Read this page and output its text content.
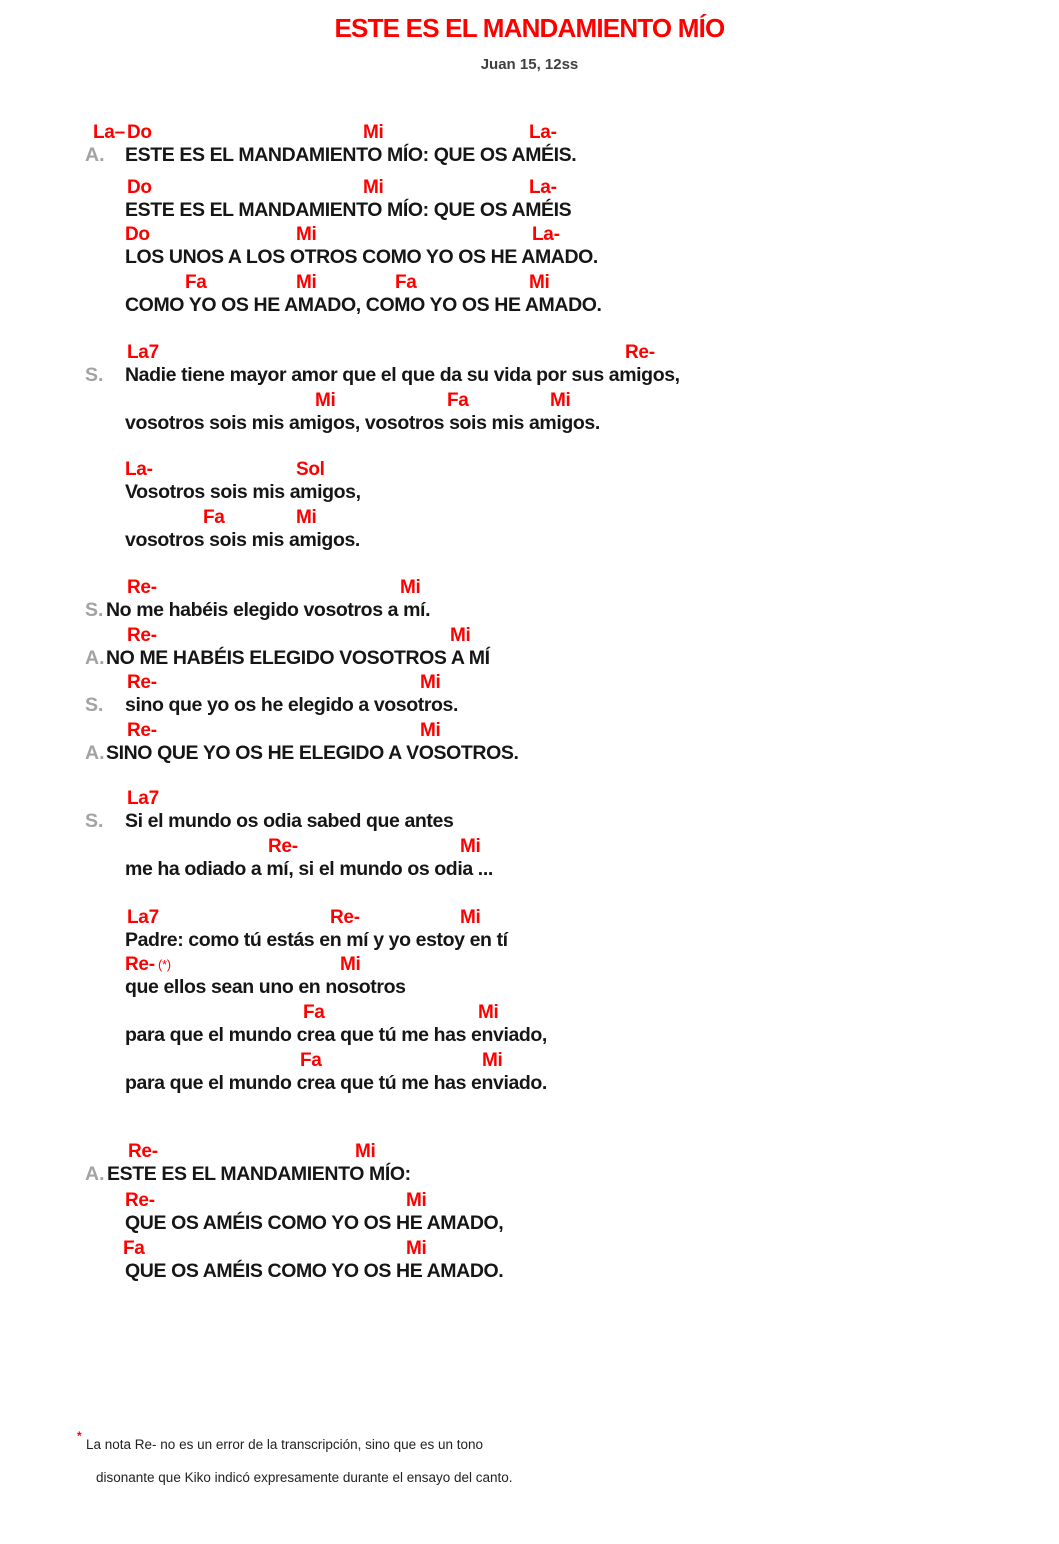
ESTE ES EL MANDAMIENTO MÍO
Juan 15, 12ss
La– Do	Mi	La-
A. ESTE ES EL MANDAMIENTO MÍO: QUE OS AMÉIS.
Do	Mi	La-
ESTE ES EL MANDAMIENTO MÍO: QUE OS AMÉIS
Do	Mi	La-
LOS UNOS A LOS OTROS COMO YO OS HE AMADO.
Fa	Mi	Fa	Mi
COMO YO OS HE AMADO, COMO YO OS HE AMADO.
La7	Re-
S. Nadie tiene mayor amor que el que da su vida por sus amigos,
Mi	Fa	Mi
vosotros sois mis amigos, vosotros sois mis amigos.
La-	Sol
Vosotros sois mis amigos,
Fa	Mi
vosotros sois mis amigos.
Re-	Mi
S. No me habéis elegido vosotros a mí.
Re-	Mi
A. NO ME HABÉIS ELEGIDO VOSOTROS A MÍ
Re-	Mi
S. sino que yo os he elegido a vosotros.
Re-	Mi
A. SINO QUE YO OS HE ELEGIDO A VOSOTROS.
La7
S. Si el mundo os odia sabed que antes
Re-	Mi
me ha odiado a mí, si el mundo os odia ...
La7	Re-	Mi
Padre: como tú estás en mí y yo estoy en tí
Re- (*)	Mi
que ellos sean uno en nosotros
Fa	Mi
para que el mundo crea que tú me has enviado,
Fa	Mi
para que el mundo crea que tú me has enviado.
Re-	Mi
A. ESTE ES EL MANDAMIENTO MÍO:
Re-	Mi
QUE OS AMÉIS COMO YO OS HE AMADO,
Fa	Mi
QUE OS AMÉIS COMO YO OS HE AMADO.
*
La nota Re- no es un error de la transcripción, sino que es un tono
disonante que Kiko indicó expresamente durante el ensayo del canto.
